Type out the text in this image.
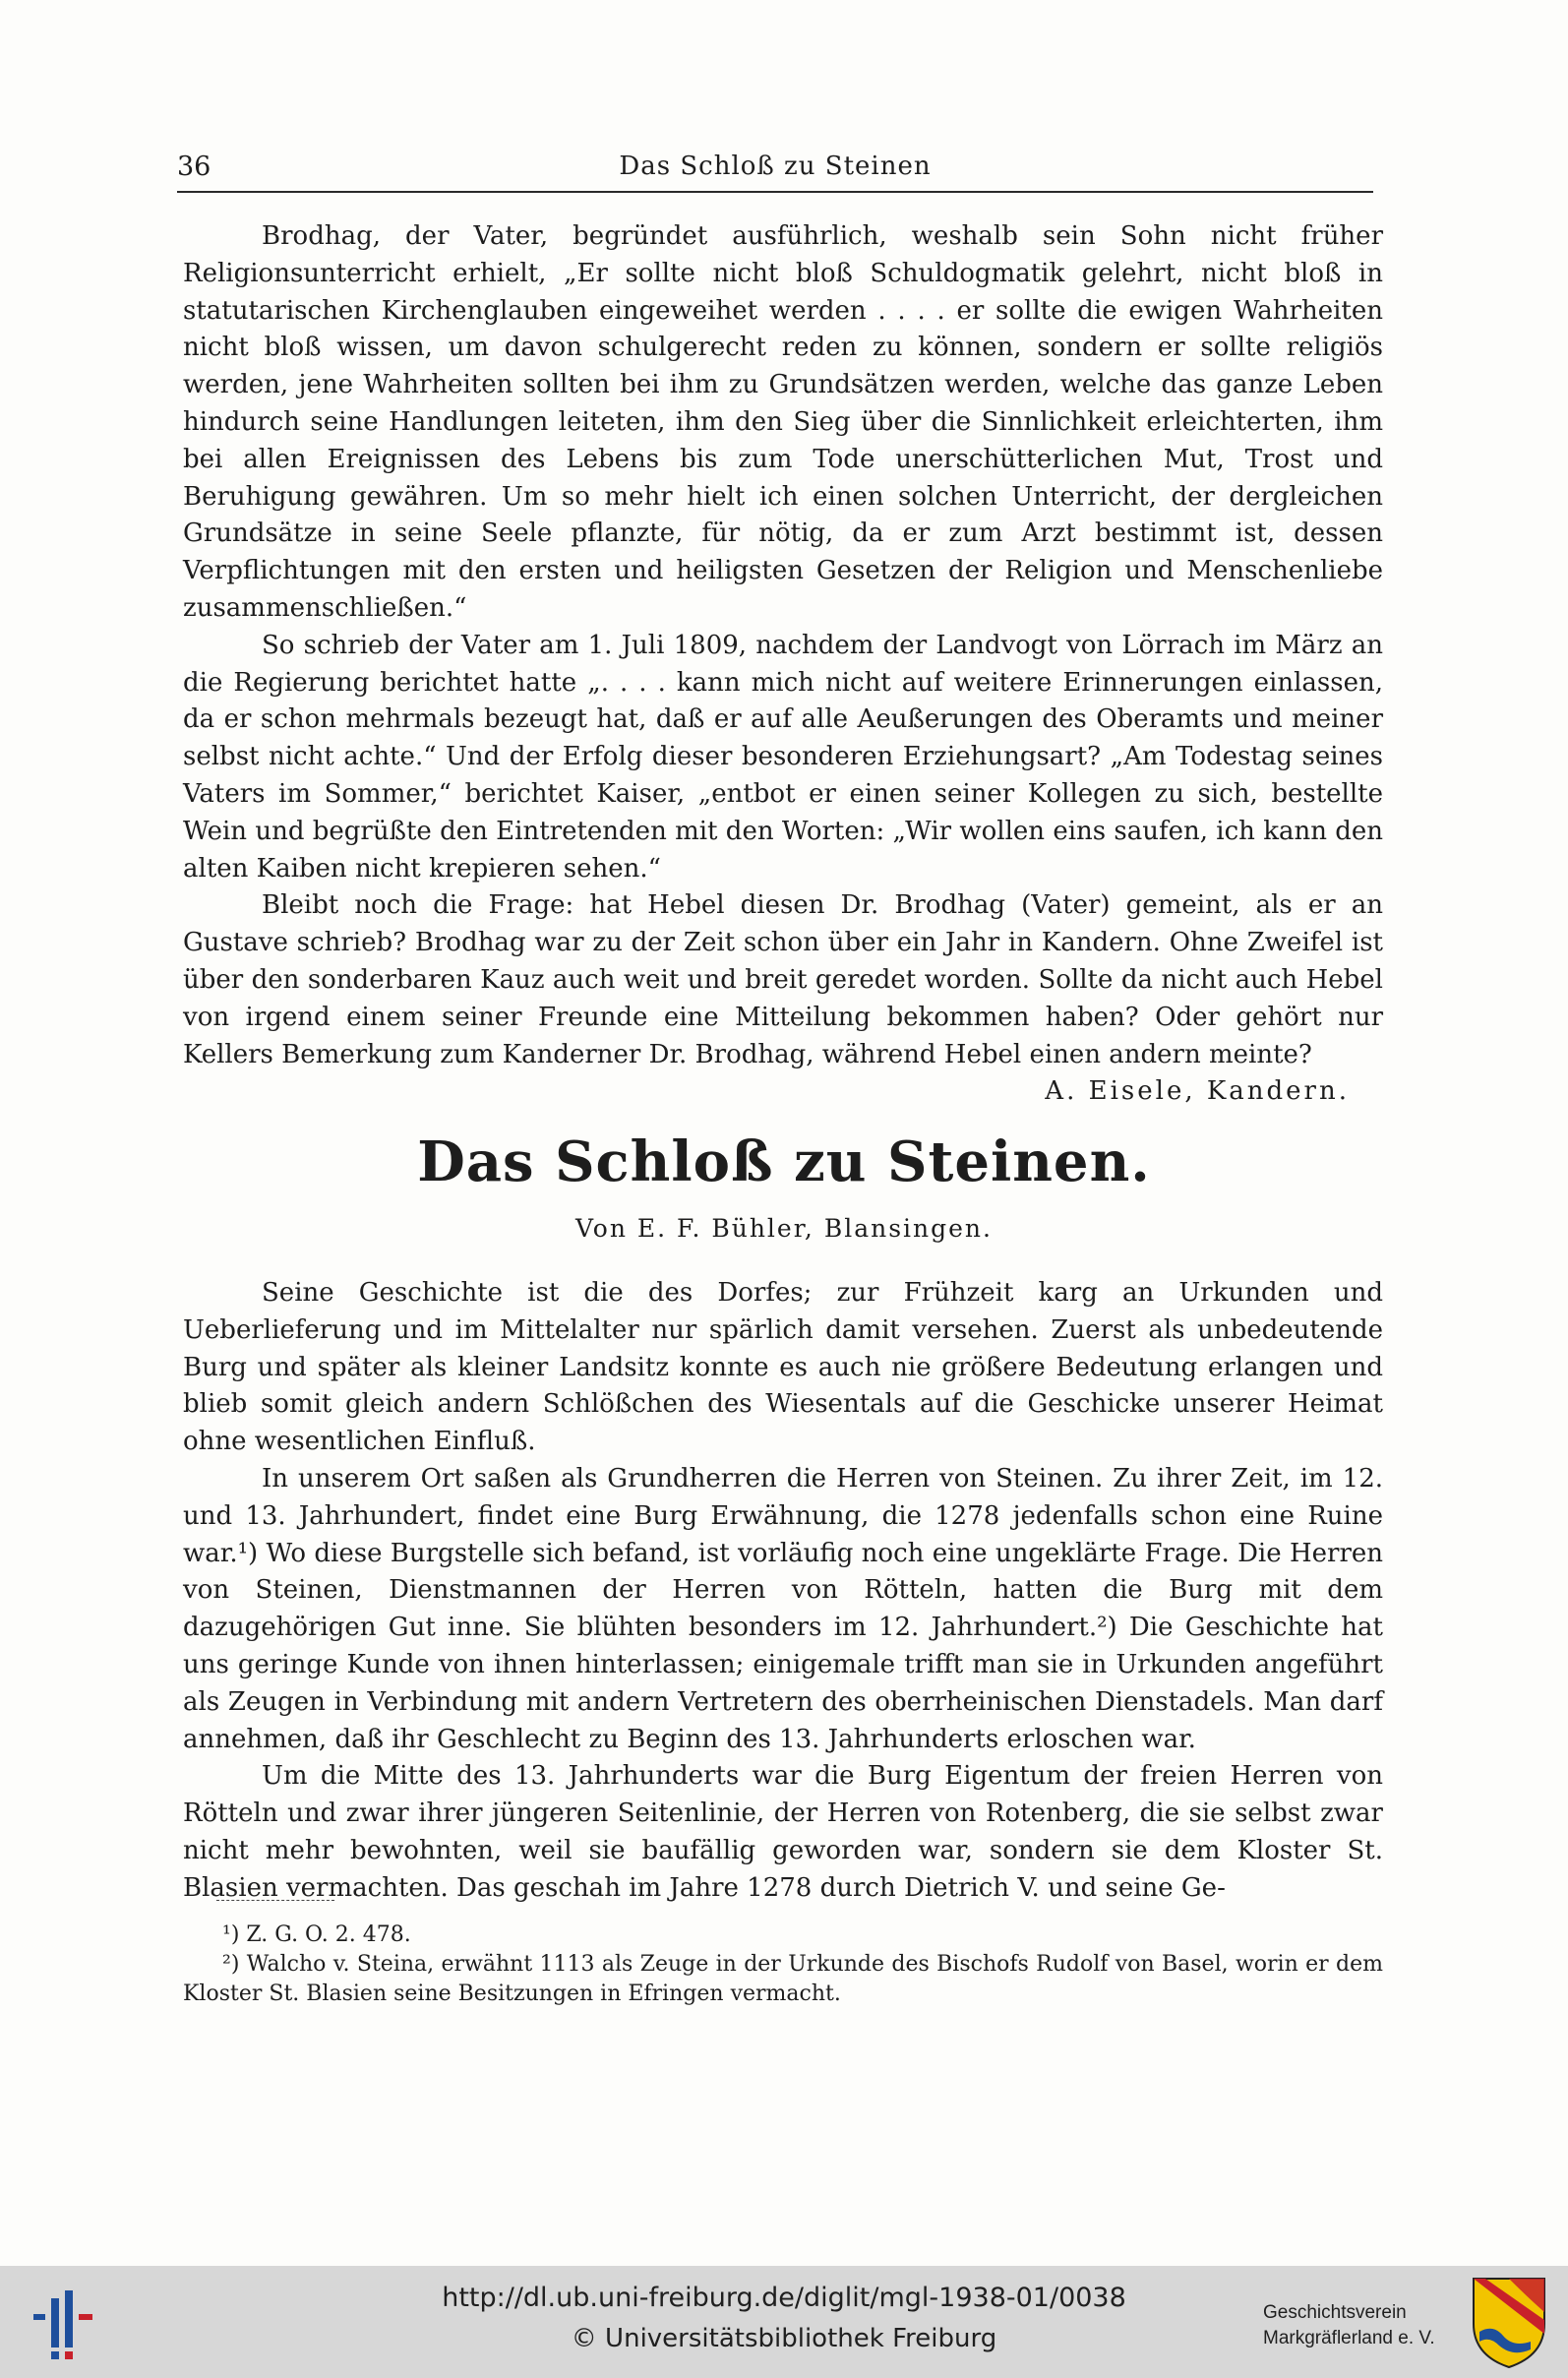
36	Das Schloß zu Steinen

Brodhag, der Vater, begründet ausführlich, weshalb sein Sohn nicht früher Religionsunterricht erhielt, „Er sollte nicht bloß Schuldogmatik gelehrt, nicht bloß in statutarischen Kirchenglauben eingeweihet werden . . . . er sollte die ewigen Wahrheiten nicht bloß wissen, um davon schulgerecht reden zu können, sondern er sollte religiös werden, jene Wahrheiten sollten bei ihm zu Grundsätzen werden, welche das ganze Leben hindurch seine Handlungen leiteten, ihm den Sieg über die Sinnlichkeit erleichterten, ihm bei allen Ereignissen des Lebens bis zum Tode unerschütterlichen Mut, Trost und Beruhigung gewähren. Um so mehr hielt ich einen solchen Unterricht, der dergleichen Grundsätze in seine Seele pflanzte, für nötig, da er zum Arzt bestimmt ist, dessen Verpflichtungen mit den ersten und heiligsten Gesetzen der Religion und Menschenliebe zusammenschließen.“

So schrieb der Vater am 1. Juli 1809, nachdem der Landvogt von Lörrach im März an die Regierung berichtet hatte „. . . . kann mich nicht auf weitere Erinnerungen einlassen, da er schon mehrmals bezeugt hat, daß er auf alle Aeußerungen des Oberamts und meiner selbst nicht achte.“ Und der Erfolg dieser besonderen Erziehungsart? „Am Todestag seines Vaters im Sommer,“ berichtet Kaiser, „entbot er einen seiner Kollegen zu sich, bestellte Wein und begrüßte den Eintretenden mit den Worten: „Wir wollen eins saufen, ich kann den alten Kaiben nicht krepieren sehen.“

Bleibt noch die Frage: hat Hebel diesen Dr. Brodhag (Vater) gemeint, als er an Gustave schrieb? Brodhag war zu der Zeit schon über ein Jahr in Kandern. Ohne Zweifel ist über den sonderbaren Kauz auch weit und breit geredet worden. Sollte da nicht auch Hebel von irgend einem seiner Freunde eine Mitteilung bekommen haben? Oder gehört nur Kellers Bemerkung zum Kanderner Dr. Brodhag, während Hebel einen andern meinte?

A. Eisele, Kandern.

Das Schloß zu Steinen.
Von E. F. Bühler, Blansingen.

Seine Geschichte ist die des Dorfes; zur Frühzeit karg an Urkunden und Ueberlieferung und im Mittelalter nur spärlich damit versehen. Zuerst als unbedeutende Burg und später als kleiner Landsitz konnte es auch nie größere Bedeutung erlangen und blieb somit gleich andern Schlößchen des Wiesentals auf die Geschicke unserer Heimat ohne wesentlichen Einfluß.

In unserem Ort saßen als Grundherren die Herren von Steinen. Zu ihrer Zeit, im 12. und 13. Jahrhundert, findet eine Burg Erwähnung, die 1278 jedenfalls schon eine Ruine war.¹) Wo diese Burgstelle sich befand, ist vorläufig noch eine ungeklärte Frage. Die Herren von Steinen, Dienstmannen der Herren von Rötteln, hatten die Burg mit dem dazugehörigen Gut inne. Sie blühten besonders im 12. Jahrhundert.²) Die Geschichte hat uns geringe Kunde von ihnen hinterlassen; einigemale trifft man sie in Urkunden angeführt als Zeugen in Verbindung mit andern Vertretern des oberrheinischen Dienstadels. Man darf annehmen, daß ihr Geschlecht zu Beginn des 13. Jahrhunderts erloschen war.

Um die Mitte des 13. Jahrhunderts war die Burg Eigentum der freien Herren von Rötteln und zwar ihrer jüngeren Seitenlinie, der Herren von Rotenberg, die sie selbst zwar nicht mehr bewohnten, weil sie baufällig geworden war, sondern sie dem Kloster St. Blasien vermachten. Das geschah im Jahre 1278 durch Dietrich V. und seine Ge-

¹) Z. G. O. 2. 478.

²) Walcho v. Steina, erwähnt 1113 als Zeuge in der Urkunde des Bischofs Rudolf von Basel, worin er dem Kloster St. Blasien seine Besitzungen in Efringen vermacht.

http://dl.ub.uni-freiburg.de/diglit/mgl-1938-01/0038
© Universitätsbibliothek Freiburg
Geschichtsverein
Markgräflerland e. V.
